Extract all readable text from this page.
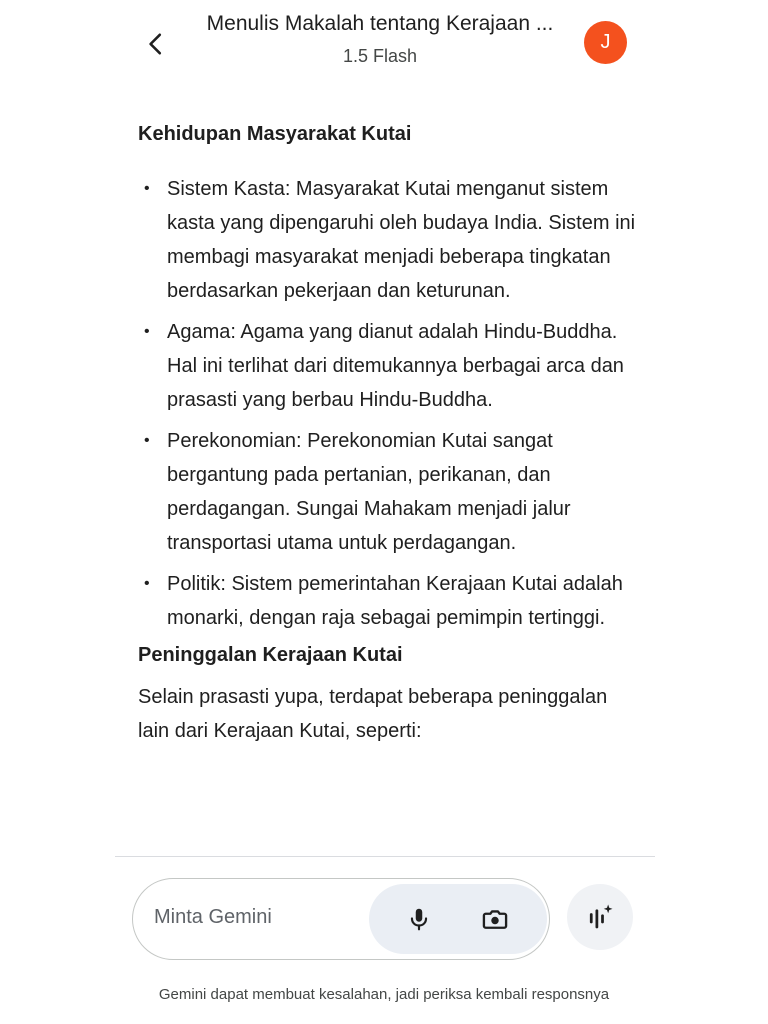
Menulis Makalah tentang Kerajaan ...
1.5 Flash
J
Kehidupan Masyarakat Kutai
• Sistem Kasta: Masyarakat Kutai menganut sistem kasta yang dipengaruhi oleh budaya India. Sistem ini membagi masyarakat menjadi beberapa tingkatan berdasarkan pekerjaan dan keturunan.
• Agama: Agama yang dianut adalah Hindu-Buddha. Hal ini terlihat dari ditemukannya berbagai arca dan prasasti yang berbau Hindu-Buddha.
• Perekonomian: Perekonomian Kutai sangat bergantung pada pertanian, perikanan, dan perdagangan. Sungai Mahakam menjadi jalur transportasi utama untuk perdagangan.
• Politik: Sistem pemerintahan Kerajaan Kutai adalah monarki, dengan raja sebagai pemimpin tertinggi.
Peninggalan Kerajaan Kutai

Selain prasasti yupa, terdapat beberapa peninggalan lain dari Kerajaan Kutai, seperti:

Minta Gemini
Gemini dapat membuat kesalahan, jadi periksa kembali responsnya
